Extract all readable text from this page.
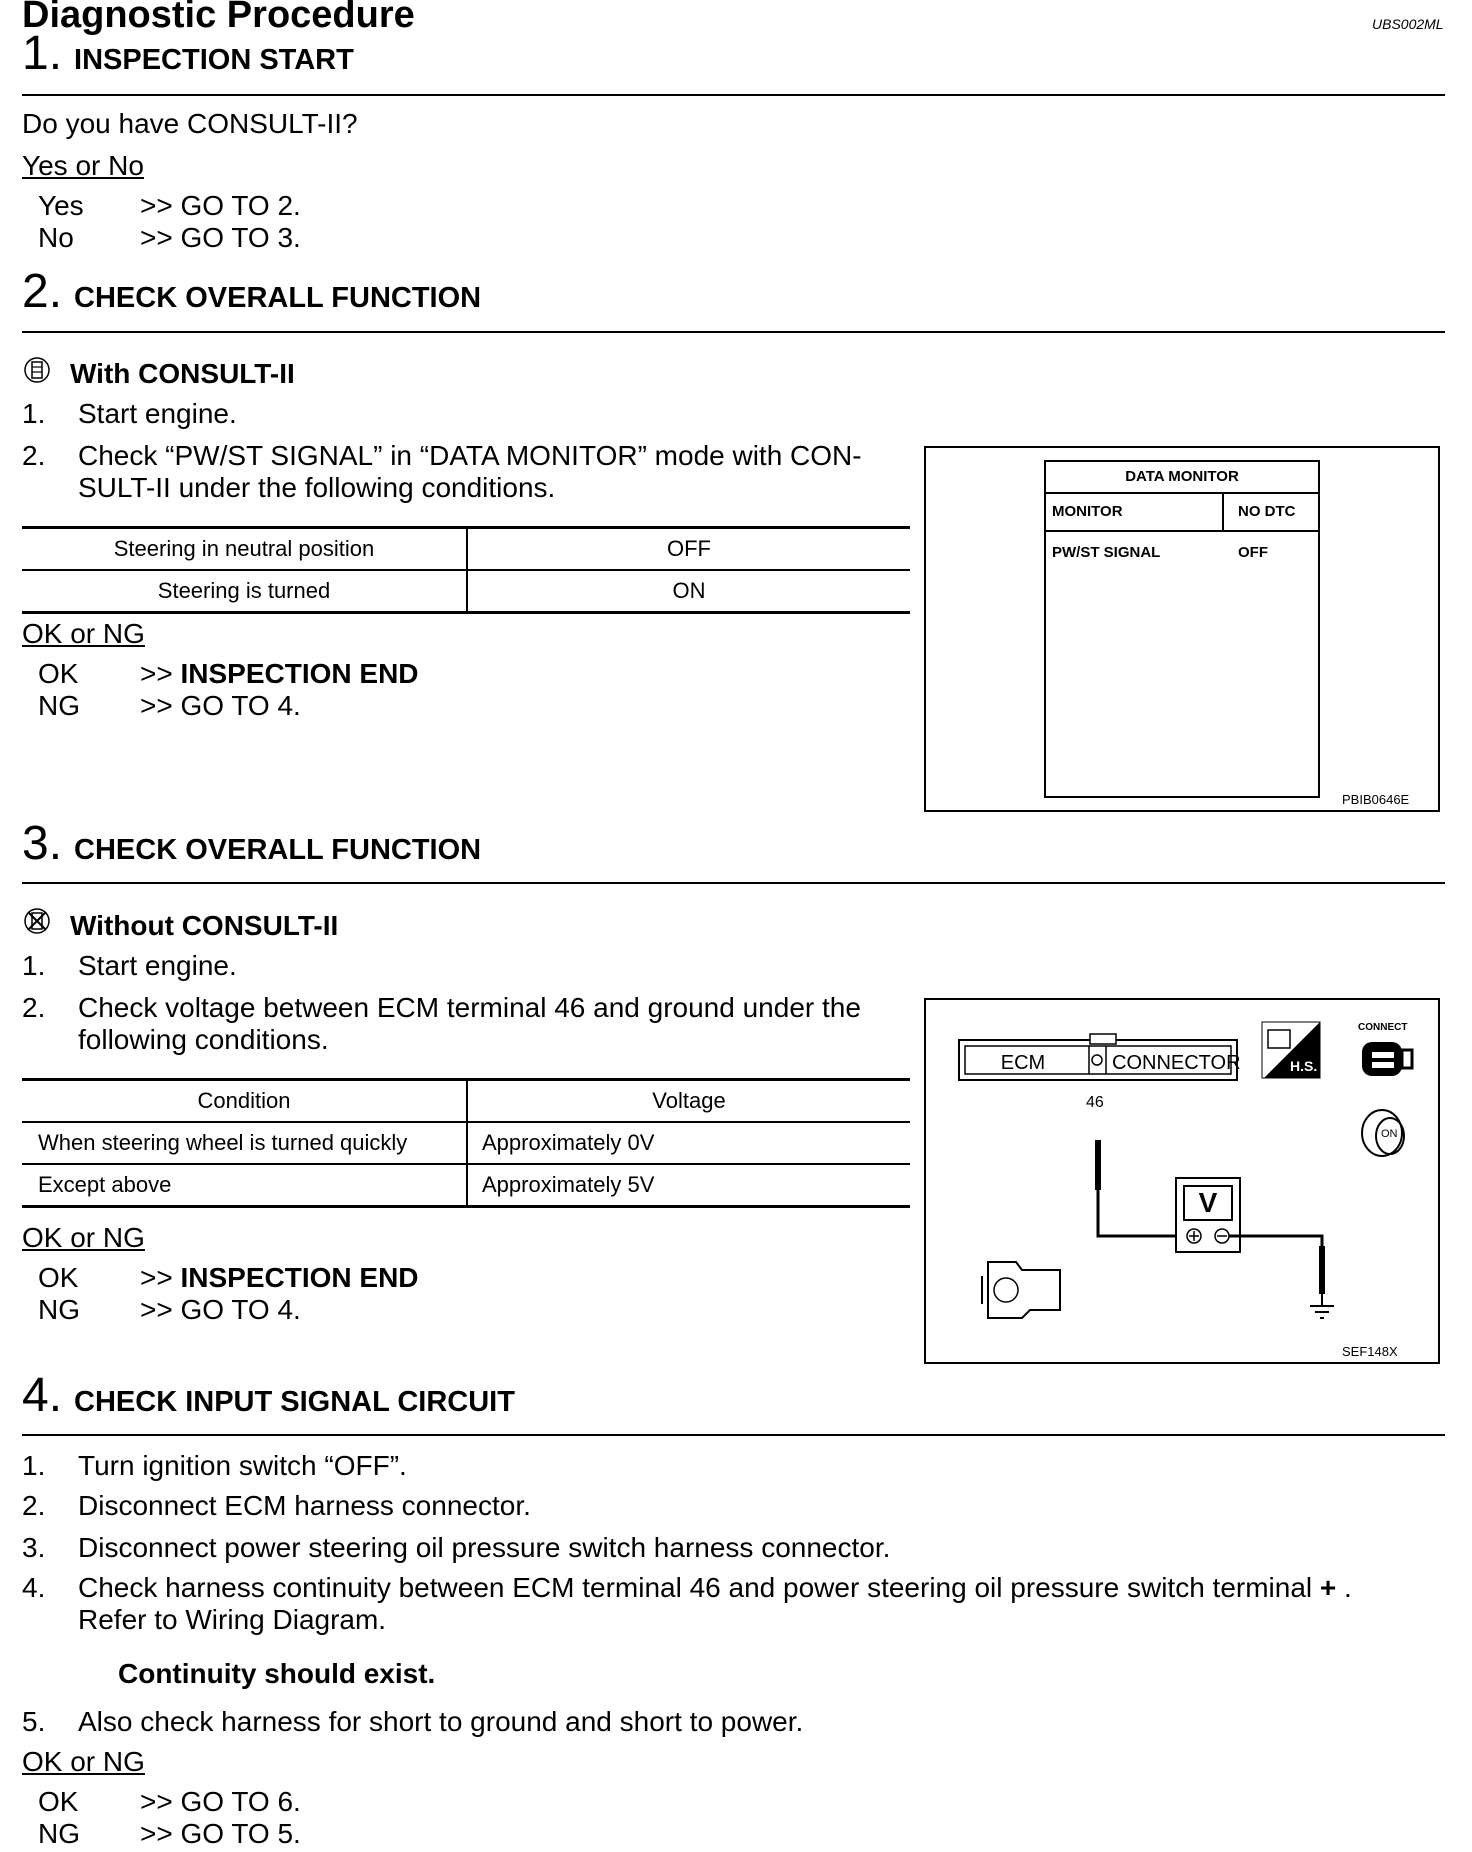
Diagnostic Procedure	UBS002ML
1. INSPECTION START
Do you have CONSULT-II?
Yes or No
Yes >> GO TO 2.
No >> GO TO 3.
2. CHECK OVERALL FUNCTION
With CONSULT-II
1. Start engine.
2. Check “PW/ST SIGNAL” in “DATA MONITOR” mode with CON-
SULT-II under the following conditions.
Steering in neutral position	OFF
Steering is turned	ON
OK or NG
OK >> INSPECTION END
NG >> GO TO 4.
DATA MONITOR
MONITOR	NO DTC
PW/ST SIGNAL	OFF
PBIB0646E
3. CHECK OVERALL FUNCTION
Without CONSULT-II
1. Start engine.
2. Check voltage between ECM terminal 46 and ground under the
following conditions.
Condition	Voltage
When steering wheel is turned quickly	Approximately 0V
Except above	Approximately 5V
OK or NG
OK >> INSPECTION END
NG >> GO TO 4.
ECM	CONNECTOR
46
V
H.S.
CONNECT
ON
SEF148X
4. CHECK INPUT SIGNAL CIRCUIT
1. Turn ignition switch “OFF”.
2. Disconnect ECM harness connector.
3. Disconnect power steering oil pressure switch harness connector.
4. Check harness continuity between ECM terminal 46 and power steering oil pressure switch terminal + .
Refer to Wiring Diagram.
Continuity should exist.
5. Also check harness for short to ground and short to power.
OK or NG
OK >> GO TO 6.
NG >> GO TO 5.
